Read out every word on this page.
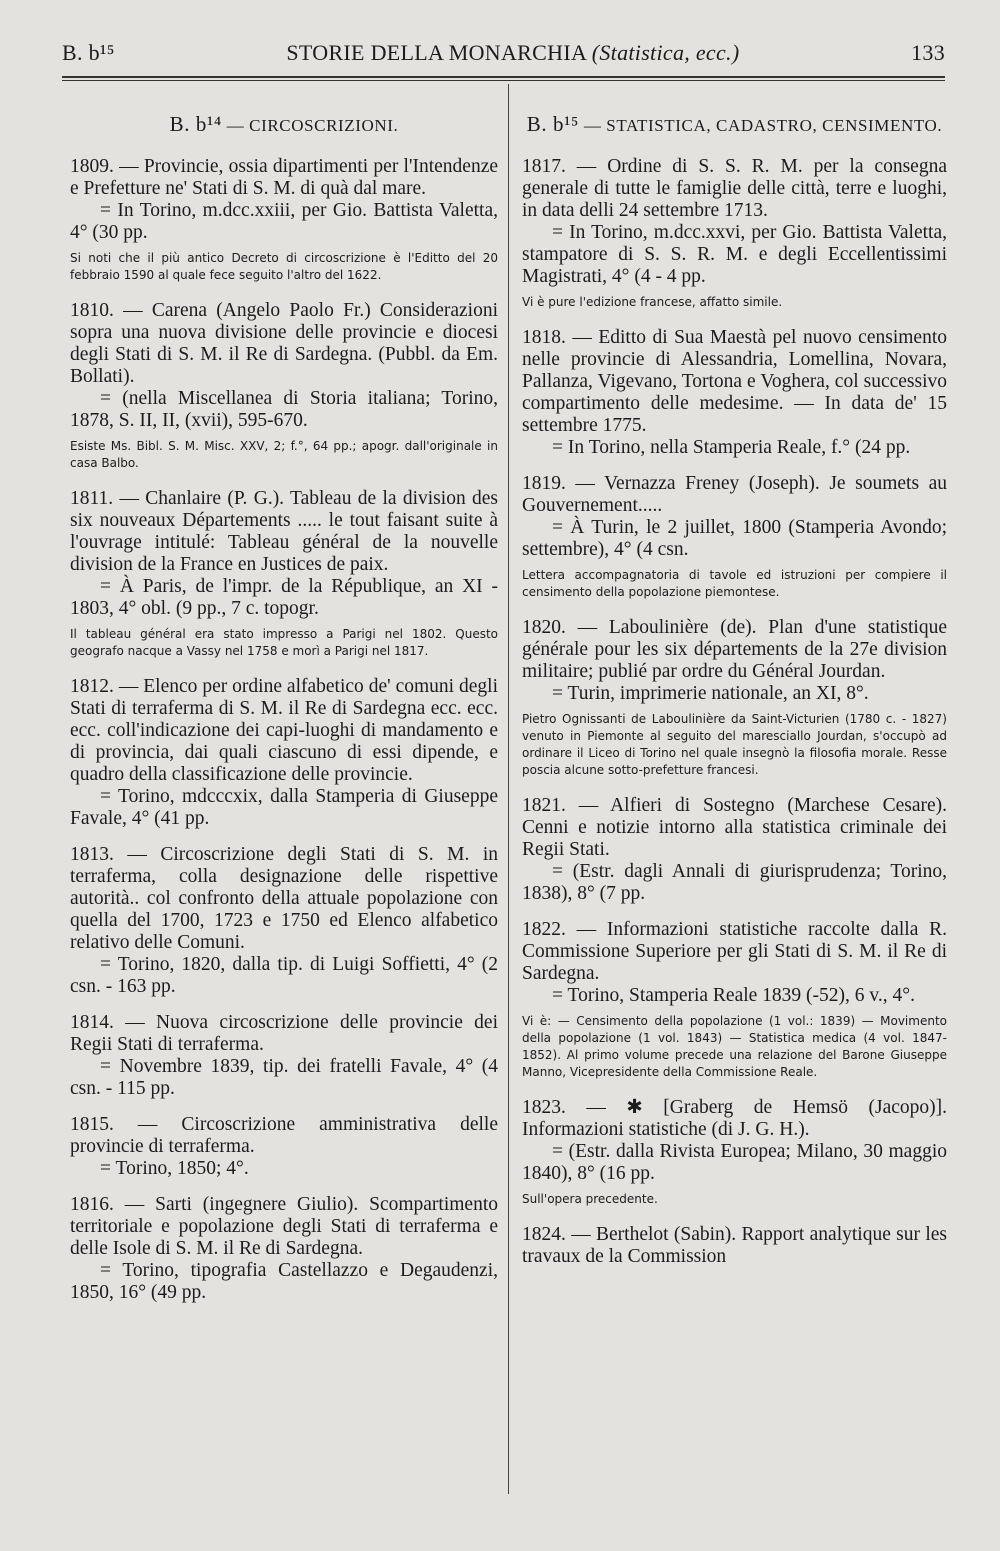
B. b¹⁵	STORIE DELLA MONARCHIA (Statistica, ecc.)	133
B. b¹⁴ — CIRCOSCRIZIONI.

1809. — Provincie, ossia dipartimenti per l'Intendenze e Prefetture ne' Stati di S. M. di quà dal mare.

= In Torino, m.dcc.xxiii, per Gio. Battista Valetta, 4° (30 pp.

Si noti che il più antico Decreto di circoscrizione è l'Editto del 20 febbraio 1590 al quale fece seguito l'altro del 1622.

1810. — Carena (Angelo Paolo Fr.) Considerazioni sopra una nuova divisione delle provincie e diocesi degli Stati di S. M. il Re di Sardegna. (Pubbl. da Em. Bollati).

= (nella Miscellanea di Storia italiana; Torino, 1878, S. II, II, (xvii), 595-670.

Esiste Ms. Bibl. S. M. Misc. XXV, 2; f.°, 64 pp.; apogr. dall'originale in casa Balbo.

1811. — Chanlaire (P. G.). Tableau de la division des six nouveaux Départements ..... le tout faisant suite à l'ouvrage intitulé: Tableau général de la nouvelle division de la France en Justices de paix.

= À Paris, de l'impr. de la République, an XI - 1803, 4° obl. (9 pp., 7 c. topogr.

Il tableau général era stato impresso a Parigi nel 1802. Questo geografo nacque a Vassy nel 1758 e morì a Parigi nel 1817.

1812. — Elenco per ordine alfabetico de' comuni degli Stati di terraferma di S. M. il Re di Sardegna ecc. ecc. ecc. coll'indicazione dei capi-luoghi di mandamento e di provincia, dai quali ciascuno di essi dipende, e quadro della classificazione delle provincie.

= Torino, mdcccxix, dalla Stamperia di Giuseppe Favale, 4° (41 pp.

1813. — Circoscrizione degli Stati di S. M. in terraferma, colla designazione delle rispettive autorità.. col confronto della attuale popolazione con quella del 1700, 1723 e 1750 ed Elenco alfabetico relativo delle Comuni.

= Torino, 1820, dalla tip. di Luigi Soffietti, 4° (2 csn. - 163 pp.

1814. — Nuova circoscrizione delle provincie dei Regii Stati di terraferma.

= Novembre 1839, tip. dei fratelli Favale, 4° (4 csn. - 115 pp.

1815. — Circoscrizione amministrativa delle provincie di terraferma.

= Torino, 1850; 4°.

1816. — Sarti (ingegnere Giulio). Scompartimento territoriale e popolazione degli Stati di terraferma e delle Isole di S. M. il Re di Sardegna.

= Torino, tipografia Castellazzo e Degaudenzi, 1850, 16° (49 pp.

B. b¹⁵ — STATISTICA, CADASTRO, CENSIMENTO.

1817. — Ordine di S. S. R. M. per la consegna generale di tutte le famiglie delle città, terre e luoghi, in data delli 24 settembre 1713.

= In Torino, m.dcc.xxvi, per Gio. Battista Valetta, stampatore di S. S. R. M. e degli Eccellentissimi Magistrati, 4° (4 - 4 pp.

Vi è pure l'edizione francese, affatto simile.

1818. — Editto di Sua Maestà pel nuovo censimento nelle provincie di Alessandria, Lomellina, Novara, Pallanza, Vigevano, Tortona e Voghera, col successivo compartimento delle medesime. — In data de' 15 settembre 1775.

= In Torino, nella Stamperia Reale, f.° (24 pp.

1819. — Vernazza Freney (Joseph). Je soumets au Gouvernement.....

= À Turin, le 2 juillet, 1800 (Stamperia Avondo; settembre), 4° (4 csn.

Lettera accompagnatoria di tavole ed istruzioni per compiere il censimento della popolazione piemontese.

1820. — Laboulinière (de). Plan d'une statistique générale pour les six départements de la 27e division militaire; publié par ordre du Général Jourdan.

= Turin, imprimerie nationale, an XI, 8°.

Pietro Ognissanti de Laboulinière da Saint-Victurien (1780 c. - 1827) venuto in Piemonte al seguito del maresciallo Jourdan, s'occupò ad ordinare il Liceo di Torino nel quale insegnò la filosofia morale. Resse poscia alcune sotto-prefetture francesi.

1821. — Alfieri di Sostegno (Marchese Cesare). Cenni e notizie intorno alla statistica criminale dei Regii Stati.

= (Estr. dagli Annali di giurisprudenza; Torino, 1838), 8° (7 pp.

1822. — Informazioni statistiche raccolte dalla R. Commissione Superiore per gli Stati di S. M. il Re di Sardegna.

= Torino, Stamperia Reale 1839 (-52), 6 v., 4°.

Vi è: — Censimento della popolazione (1 vol.: 1839) — Movimento della popolazione (1 vol. 1843) — Statistica medica (4 vol. 1847-1852). Al primo volume precede una relazione del Barone Giuseppe Manno, Vicepresidente della Commissione Reale.

1823. — ✱ [Graberg de Hemsö (Jacopo)]. Informazioni statistiche (di J. G. H.).

= (Estr. dalla Rivista Europea; Milano, 30 maggio 1840), 8° (16 pp.

Sull'opera precedente.

1824. — Berthelot (Sabin). Rapport analytique sur les travaux de la Commission
